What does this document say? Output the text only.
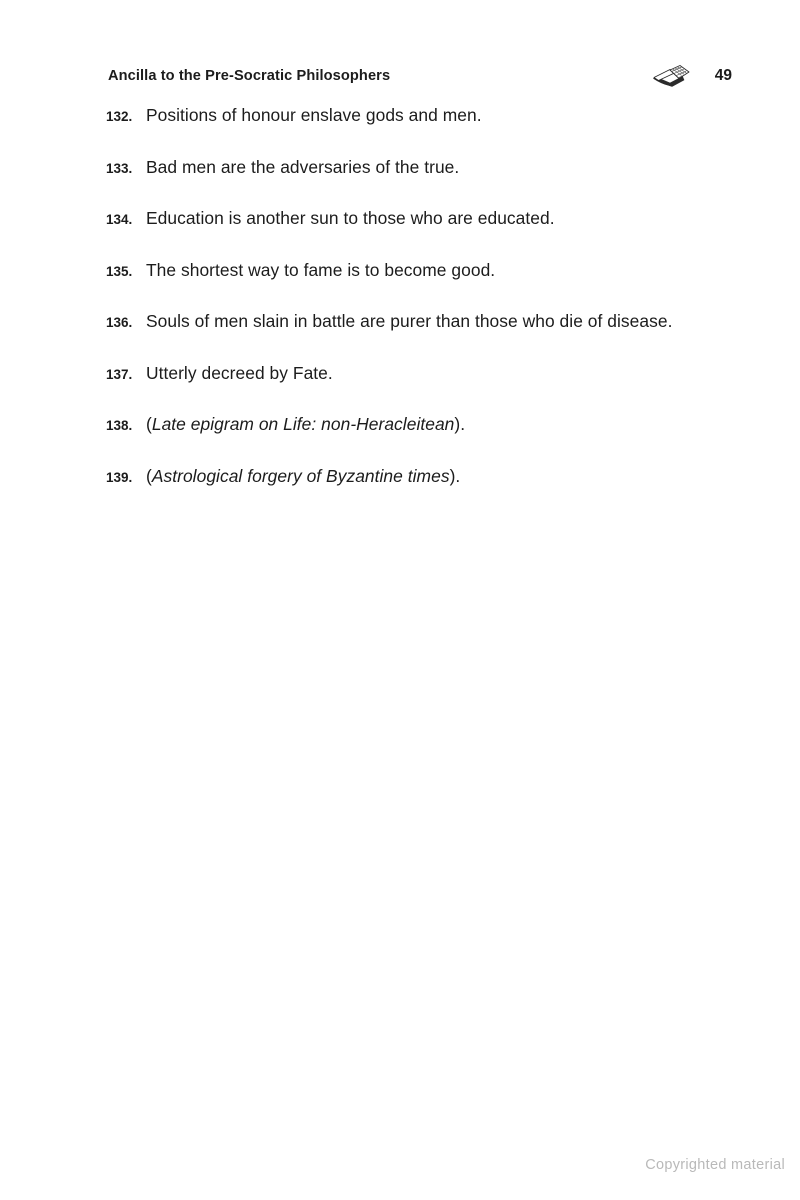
Ancilla to the Pre-Socratic Philosophers	49
132. Positions of honour enslave gods and men.
133. Bad men are the adversaries of the true.
134. Education is another sun to those who are educated.
135. The shortest way to fame is to become good.
136. Souls of men slain in battle are purer than those who die of disease.
137. Utterly decreed by Fate.
138. (Late epigram on Life: non-Heracleitean).
139. (Astrological forgery of Byzantine times).
Copyrighted material
